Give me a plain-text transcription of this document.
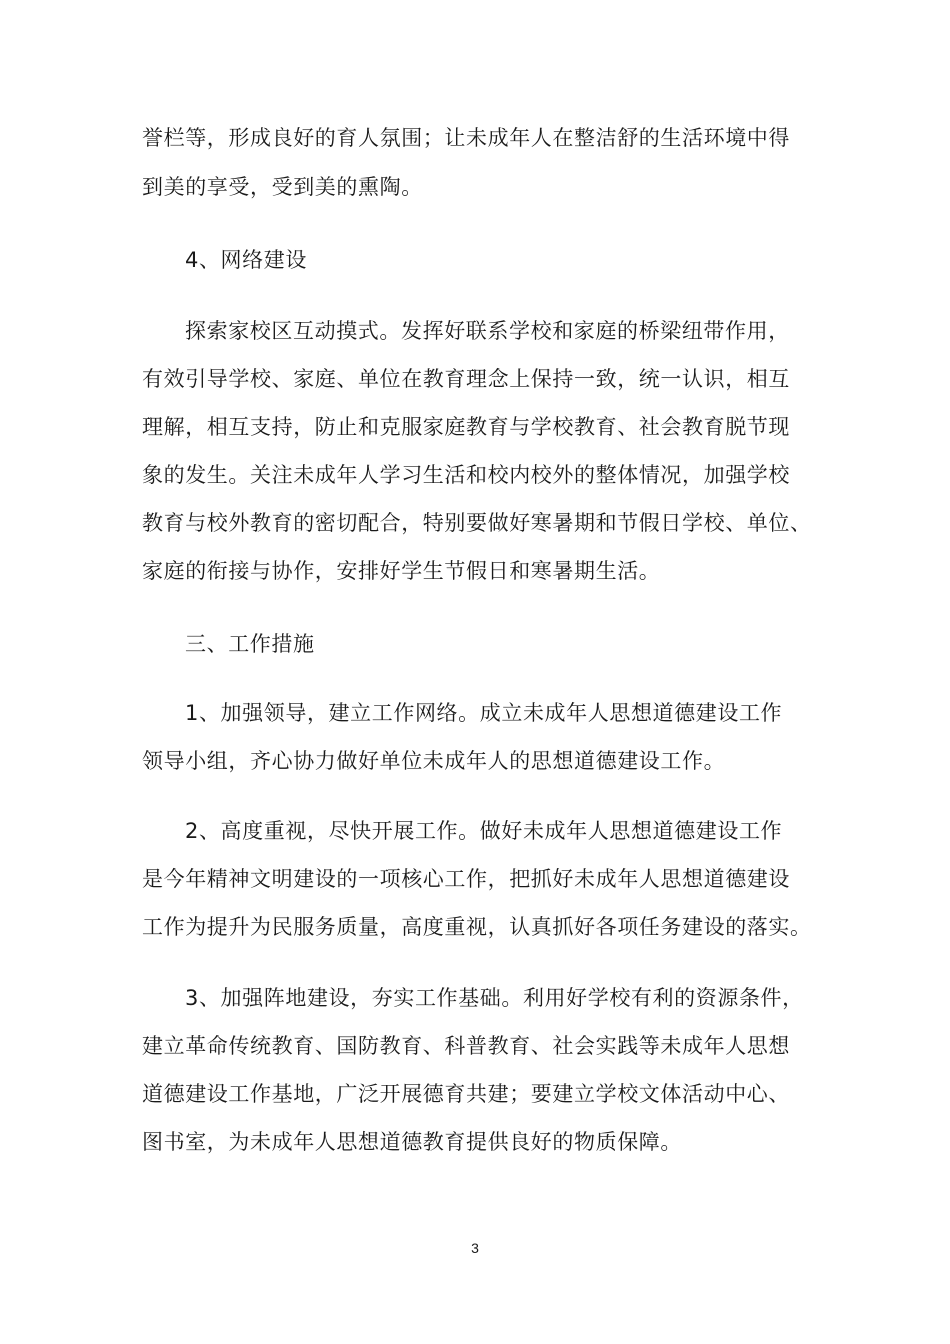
誉栏等，形成良好的育人氛围；让未成年人在整洁舒的生活环境中得
到美的享受，受到美的熏陶。
4、网络建设
探索家校区互动摸式。发挥好联系学校和家庭的桥梁纽带作用，
有效引导学校、家庭、单位在教育理念上保持一致，统一认识，相互
理解，相互支持，防止和克服家庭教育与学校教育、社会教育脱节现
象的发生。关注未成年人学习生活和校内校外的整体情况，加强学校
教育与校外教育的密切配合，特别要做好寒暑期和节假日学校、单位、
家庭的衔接与协作，安排好学生节假日和寒暑期生活。
三、工作措施
1、加强领导，建立工作网络。成立未成年人思想道德建设工作
领导小组，齐心协力做好单位未成年人的思想道德建设工作。
2、高度重视，尽快开展工作。做好未成年人思想道德建设工作
是今年精神文明建设的一项核心工作，把抓好未成年人思想道德建设
工作为提升为民服务质量，高度重视，认真抓好各项任务建设的落实。
3、加强阵地建设，夯实工作基础。利用好学校有利的资源条件，
建立革命传统教育、国防教育、科普教育、社会实践等未成年人思想
道德建设工作基地，广泛开展德育共建；要建立学校文体活动中心、
图书室，为未成年人思想道德教育提供良好的物质保障。
3
